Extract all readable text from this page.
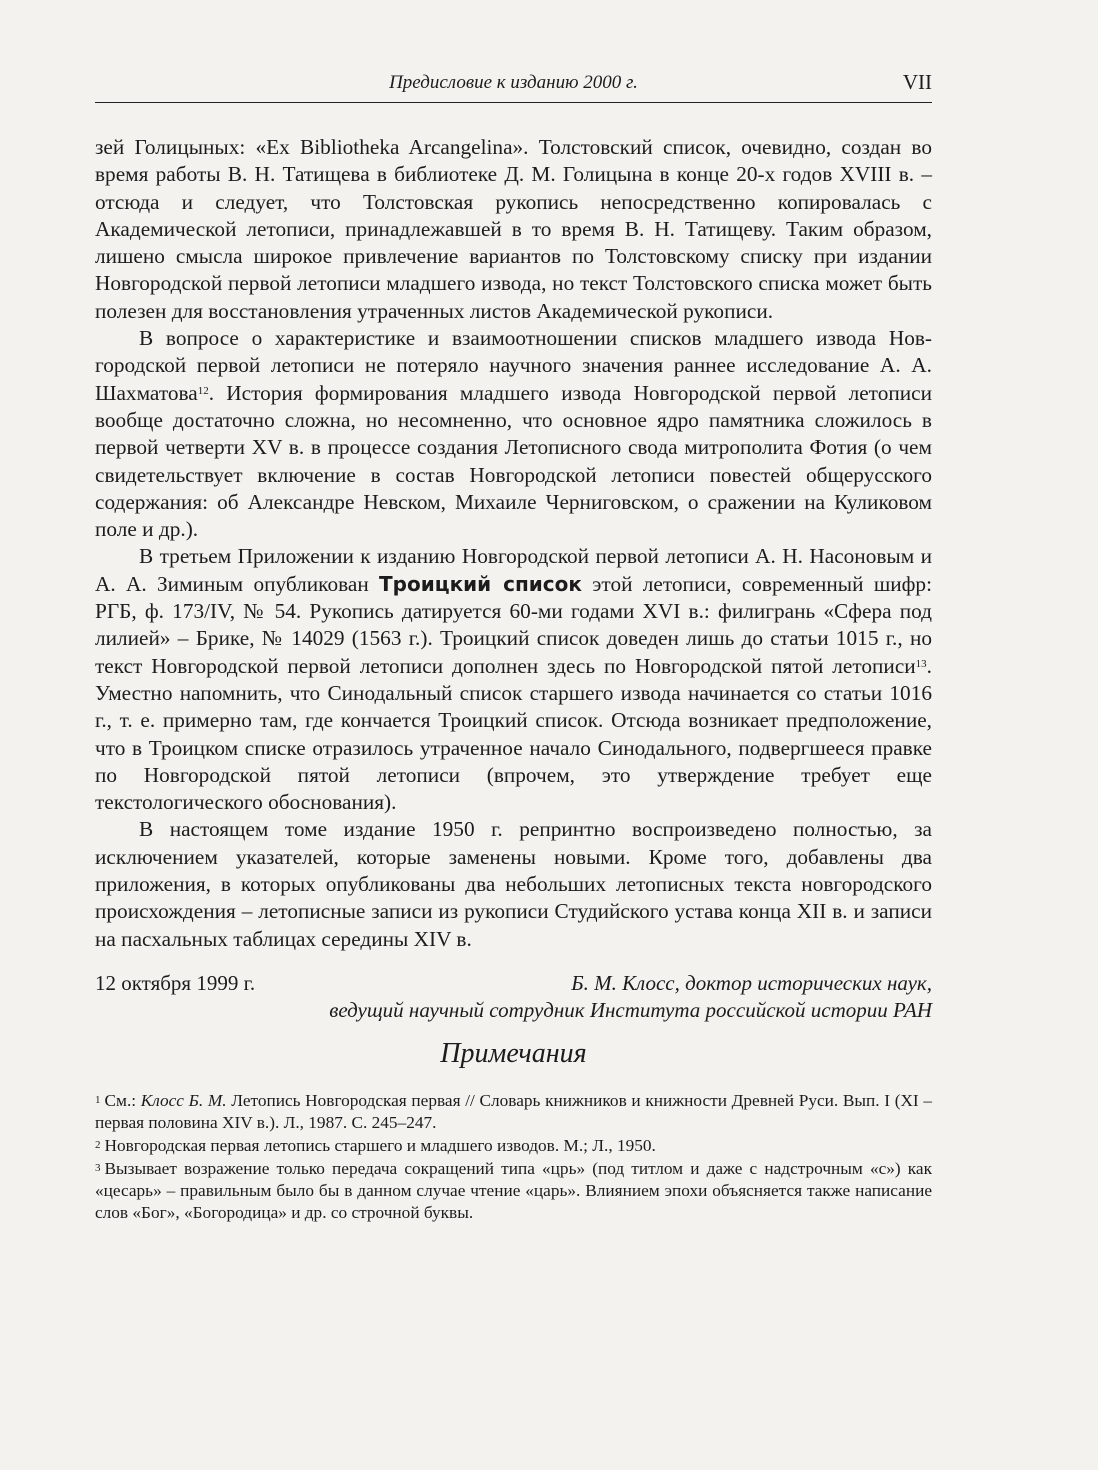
Предисловие к изданию 2000 г.	VII

зей Голицыных: «Ex Bibliotheka Arcangelina». Толстовский список, очевидно, создан во время работы В. Н. Татищева в библиотеке Д. М. Голицына в конце 20-х годов XVIII в. – отсюда и следует, что Толстовская рукопись непосредственно копировалась с Академической летописи, принадлежавшей в то время В. Н. Татищеву. Таким образом, лишено смысла широкое привлечение вариантов по Толстовскому списку при издании Новгородской первой летописи младшего извода, но текст Толстовского списка может быть полезен для восстановления утраченных листов Академической рукописи.

В вопросе о характеристике и взаимоотношении списков младшего извода Новгородской первой летописи не потеряло научного значения раннее исследование А. А. Шахматова$^{12}$. История формирования младшего извода Новгородской первой летописи вообще достаточно сложна, но несомненно, что основное ядро памятника сложилось в первой четверти XV в. в процессе создания Летописного свода митрополита Фотия (о чем свидетельствует включение в состав Новгородской летописи повестей общерусского содержания: об Александре Невском, Михаиле Черниговском, о сражении на Куликовом поле и др.).

В третьем Приложении к изданию Новгородской первой летописи А. Н. Насоновым и А. А. Зиминым опубликован Троицкий список этой летописи, современный шифр: РГБ, ф. 173/IV, № 54. Рукопись датируется 60-ми годами XVI в.: филигрань «Сфера под лилией» – Брике, № 14029 (1563 г.). Троицкий список доведен лишь до статьи 1015 г., но текст Новгородской первой летописи дополнен здесь по Новгородской пятой летописи$^{13}$. Уместно напомнить, что Синодальный список старшего извода начинается со статьи 1016 г., т. е. примерно там, где кончается Троицкий список. Отсюда возникает предположение, что в Троицком списке отразилось утраченное начало Синодального, подвергшееся правке по Новгородской пятой летописи (впрочем, это утверждение требует еще текстологического обоснования).

В настоящем томе издание 1950 г. репринтно воспроизведено полностью, за исключением указателей, которые заменены новыми. Кроме того, добавлены два приложения, в которых опубликованы два небольших летописных текста новгородского происхождения – летописные записи из рукописи Студийского устава конца XII в. и записи на пасхальных таблицах середины XIV в.

12 октября 1999 г.	Б. М. Клосс, доктор исторических наук,
ведущий научный сотрудник Института российской истории РАН
Примечания

$^1$ См.: Клосс Б. М. Летопись Новгородская первая // Словарь книжников и книжности Древней Руси. Вып. I (XI – первая половина XIV в.). Л., 1987. С. 245–247.

$^2$ Новгородская первая летопись старшего и младшего изводов. М.; Л., 1950.

$^3$ Вызывает возражение только передача сокращений типа «црь» (под титлом и даже с надстрочным «с») как «цесарь» – правильным было бы в данном случае чтение «царь». Влиянием эпохи объясняется также написание слов «Бог», «Богородица» и др. со строчной буквы.
